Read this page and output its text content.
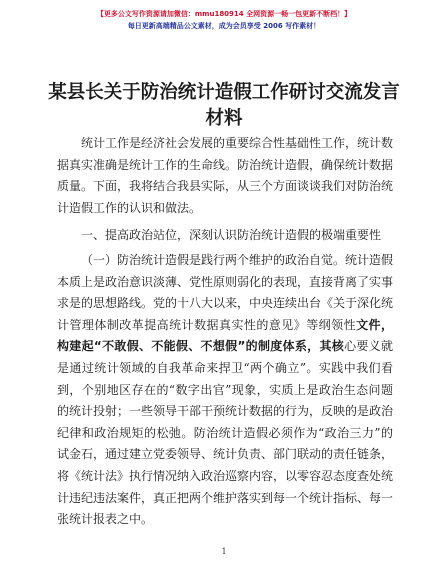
【更多公文写作资源请加微信：mmu180914 全网资源一畅一包更新不断档！】
每日更新高端精品公文素材，成为会员享受 2006 写作素材！
某县长关于防治统计造假工作研讨交流发言材料

统计工作是经济社会发展的重要综合性基础性工作，统计数据真实准确是统计工作的生命线。防治统计造假，确保统计数据质量。下面，我将结合我县实际，从三个方面谈谈我们对防治统计造假工作的认识和做法。

一、提高政治站位，深刻认识防治统计造假的极端重要性

（一）防治统计造假是践行两个维护的政治自觉。统计造假本质上是政治意识淡薄、党性原则弱化的表现，直接背离了实事求是的思想路线。党的十八大以来，中央连续出台《关于深化统计管理体制改革提高统计数据真实性的意见》等纲领性文件，构建起“不敢假、不能假、不想假”的制度体系，其核心要义就是通过统计领域的自我革命来捍卫“两个确立”。实践中我们看到，个别地区存在的“数字出官”现象，实质上是政治生态问题的统计投射；一些领导干部干预统计数据的行为，反映的是政治纪律和政治规矩的松弛。防治统计造假必须作为“政治三力”的试金石，通过建立党委领导、统计负责、部门联动的责任链条，将《统计法》执行情况纳入政治巡察内容，以零容忍态度查处统计违纪违法案件，真正把两个维护落实到每一个统计指标、每一张统计报表之中。

1
